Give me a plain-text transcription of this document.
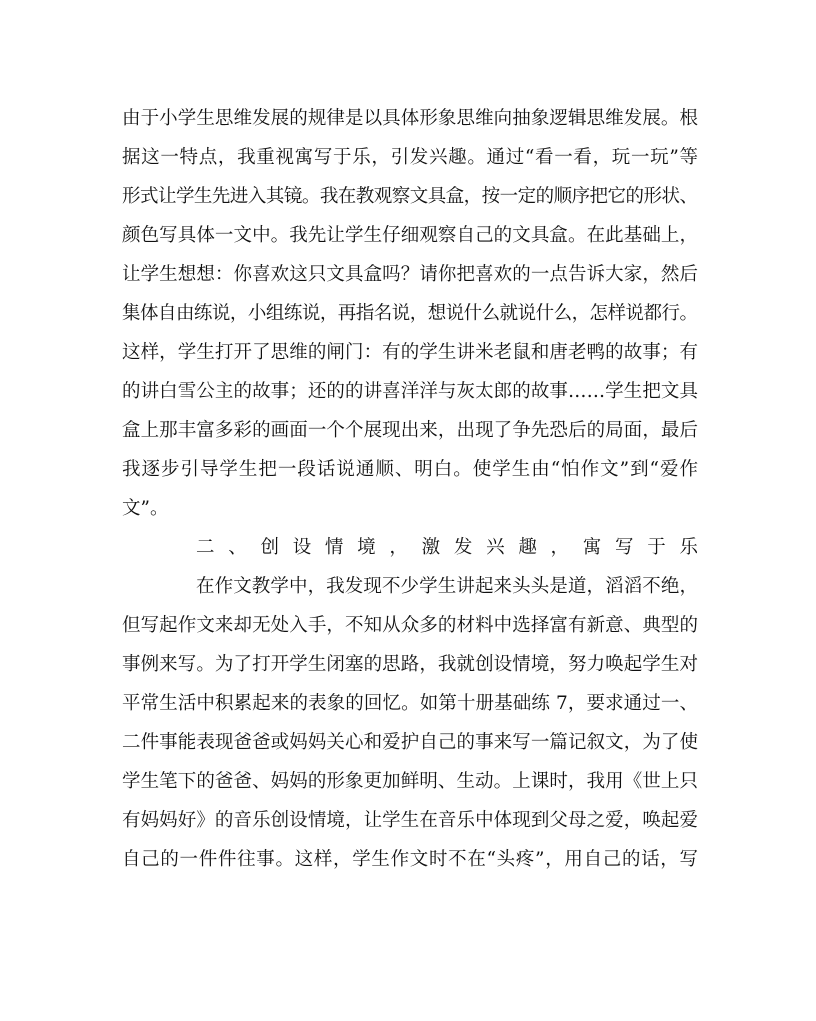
由于小学生思维发展的规律是以具体形象思维向抽象逻辑思维发展。根
据这一特点，我重视寓写于乐，引发兴趣。通过“看一看，玩一玩”等
形式让学生先进入其镜。我在教观察文具盒，按一定的顺序把它的形状、
颜色写具体一文中。我先让学生仔细观察自己的文具盒。在此基础上，
让学生想想：你喜欢这只文具盒吗？请你把喜欢的一点告诉大家，然后
集体自由练说，小组练说，再指名说，想说什么就说什么，怎样说都行。
这样，学生打开了思维的闸门：有的学生讲米老鼠和唐老鸭的故事；有
的讲白雪公主的故事；还的的讲喜洋洋与灰太郎的故事……学生把文具
盒上那丰富多彩的画面一个个展现出来，出现了争先恐后的局面，最后
我逐步引导学生把一段话说通顺、明白。使学生由“怕作文”到“爱作
文”。
二、创设情境，激发兴趣，寓写于乐
在作文教学中，我发现不少学生讲起来头头是道，滔滔不绝，
但写起作文来却无处入手，不知从众多的材料中选择富有新意、典型的
事例来写。为了打开学生闭塞的思路，我就创设情境，努力唤起学生对
平常生活中积累起来的表象的回忆。如第十册基础练 7，要求通过一、
二件事能表现爸爸或妈妈关心和爱护自己的事来写一篇记叙文，为了使
学生笔下的爸爸、妈妈的形象更加鲜明、生动。上课时，我用《世上只
有妈妈好》的音乐创设情境，让学生在音乐中体现到父母之爱，唤起爱
自己的一件件往事。这样，学生作文时不在“头疼”，用自己的话，写
